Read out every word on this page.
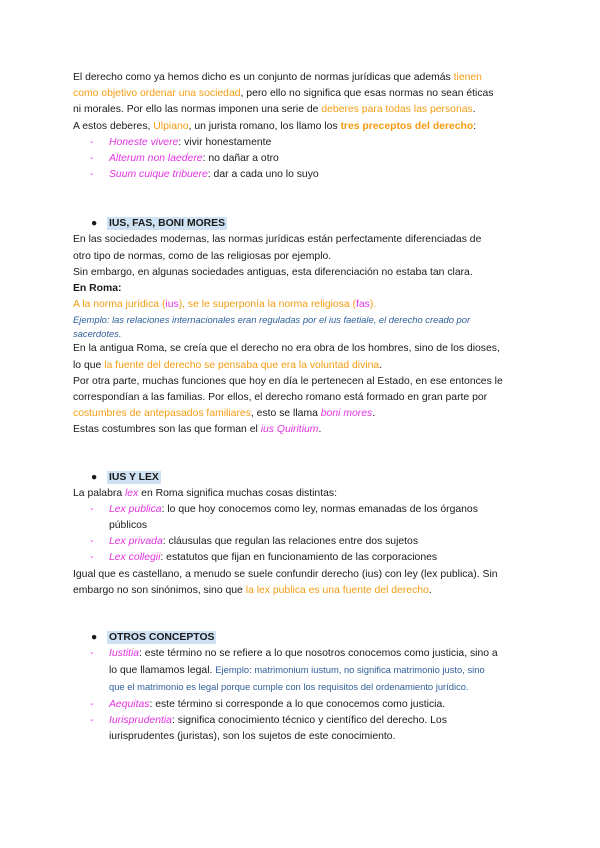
El derecho como ya hemos dicho es un conjunto de normas jurídicas que además tienen

como objetivo ordenar una sociedad, pero ello no significa que esas normas no sean éticas

ni morales. Por ello las normas imponen una serie de deberes para todas las personas.

A estos deberes, Ulpiano, un jurista romano, los llamo los tres preceptos del derecho:

- Honeste vivere: vivir honestamente
- Alterum non laedere: no dañar a otro
- Suum cuique tribuere: dar a cada uno lo suyo

● IUS, FAS, BONI MORES

En las sociedades modernas, las normas jurídicas están perfectamente diferenciadas de

otro tipo de normas, como de las religiosas por ejemplo.

Sin embargo, en algunas sociedades antiguas, esta diferenciación no estaba tan clara.

En Roma:

A la norma jurídica (ius), se le superponía la norma religiosa (fas).

Ejemplo: las relaciones internacionales eran reguladas por el ius faetiale, el derecho creado por

sacerdotes.

En la antigua Roma, se creía que el derecho no era obra de los hombres, sino de los dioses,

lo que la fuente del derecho se pensaba que era la voluntad divina.

Por otra parte, muchas funciones que hoy en día le pertenecen al Estado, en ese entonces le

correspondían a las familias. Por ellos, el derecho romano está formado en gran parte por

costumbres de antepasados familiares, esto se llama boni mores.

Estas costumbres son las que forman el ius Quiritium.

● IUS Y LEX

La palabra lex en Roma significa muchas cosas distintas:

- Lex publica: lo que hoy conocemos como ley, normas emanadas de los órganos
públicos
- Lex privada: cláusulas que regulan las relaciones entre dos sujetos
- Lex collegii: estatutos que fijan en funcionamiento de las corporaciones

Igual que es castellano, a menudo se suele confundir derecho (ius) con ley (lex publica). Sin

embargo no son sinónimos, sino que la lex publica es una fuente del derecho.

● OTROS CONCEPTOS

- Iustitia: este término no se refiere a lo que nosotros conocemos como justicia, sino a
lo que llamamos legal. Ejemplo: matrimonium iustum, no significa matrimonio justo, sino
que el matrimonio es legal porque cumple con los requisitos del ordenamiento jurídico.
- Aequitas: este término si corresponde a lo que conocemos como justicia.
- Iurisprudentia: significa conocimiento técnico y científico del derecho. Los
iurisprudentes (juristas), son los sujetos de este conocimiento.
